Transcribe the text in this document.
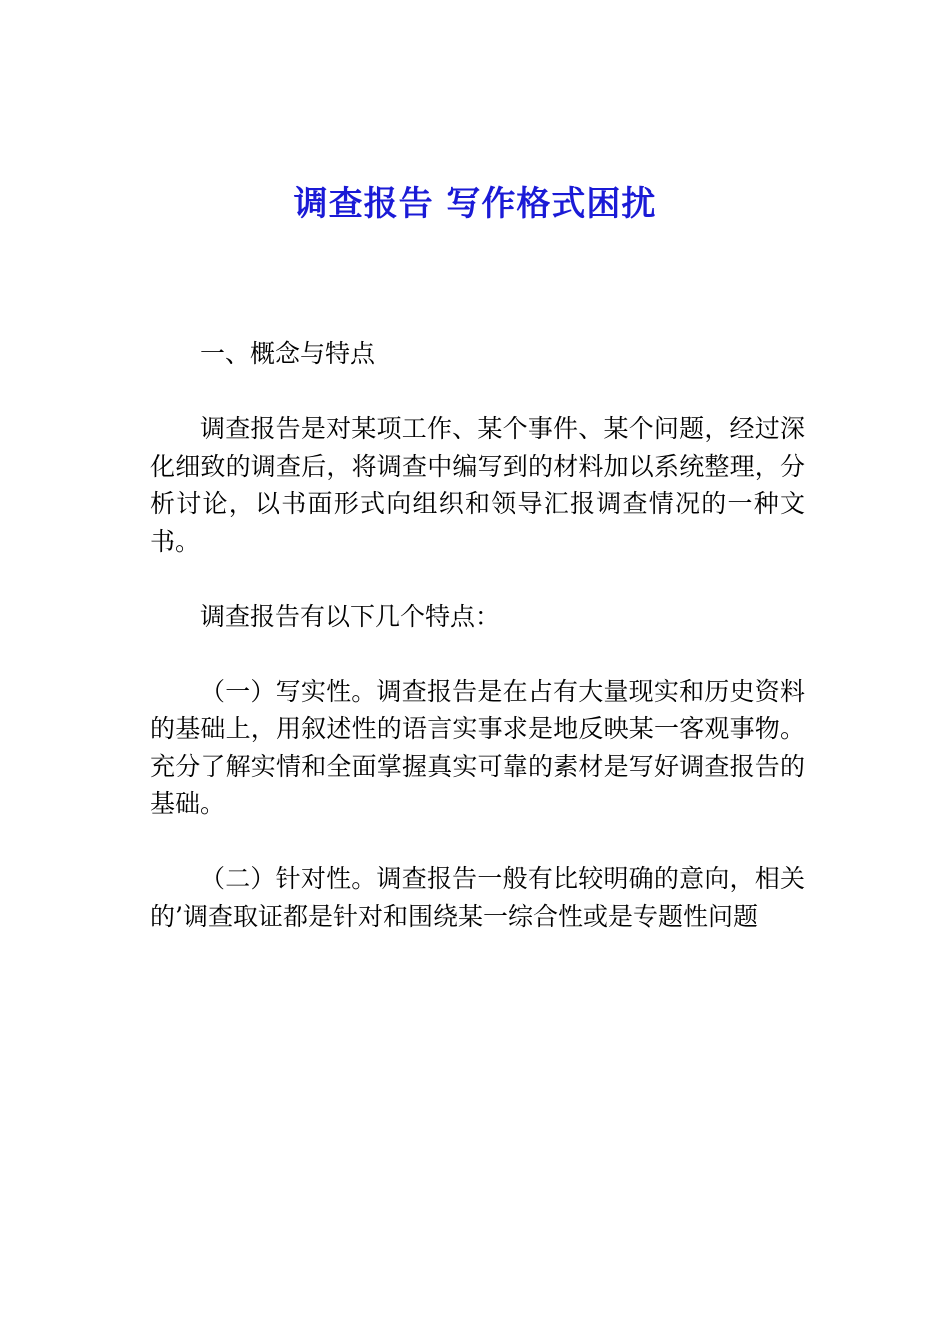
调查报告 写作格式困扰

一、概念与特点

调查报告是对某项工作、某个事件、某个问题，经过深化细致的调查后，将调查中编写到的材料加以系统整理，分析讨论，以书面形式向组织和领导汇报调查情况的一种文书。

调查报告有以下几个特点：

（一）写实性。调查报告是在占有大量现实和历史资料的基础上，用叙述性的语言实事求是地反映某一客观事物。充分了解实情和全面掌握真实可靠的素材是写好调查报告的基础。

（二）针对性。调查报告一般有比较明确的意向，相关的’调查取证都是针对和围绕某一综合性或是专题性问题
